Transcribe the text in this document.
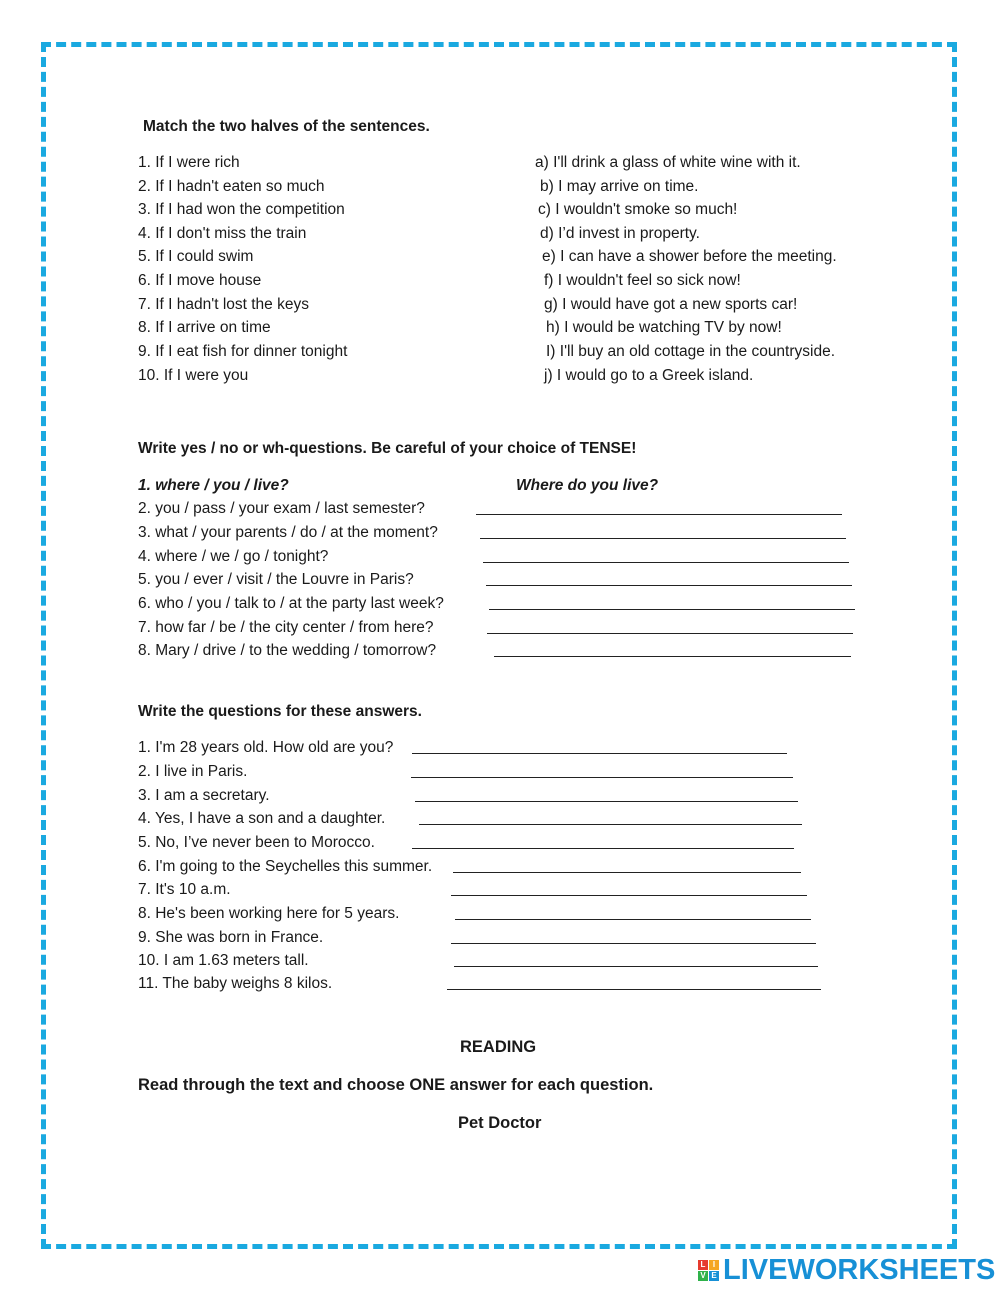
Match the two halves of the sentences.
1. If I were rich
2. If I hadn't eaten so much
3. If I had won the competition
4. If I don't miss the train
5. If I could swim
6. If I move house
7. If I hadn't lost the keys
8. If I arrive on time
9. If I eat fish for dinner tonight
10. If I were you
a) I'll drink a glass of white wine with it.
b) I may arrive on time.
c) I wouldn't smoke so much!
d) I’d invest in property.
e) I can have a shower before the meeting.
f) I wouldn't feel so sick now!
g) I would have got a new sports car!
h) I would be watching TV by now!
I) I'll buy an old cottage in the countryside.
j) I would go to a Greek island.
Write yes / no or wh-questions. Be careful of your choice of TENSE!
1. where / you / live?	Where do you live?
2. you / pass / your exam / last semester?
3. what / your parents / do / at the moment?
4. where / we / go / tonight?
5. you / ever / visit / the Louvre in Paris?
6. who / you / talk to / at the party last week?
7. how far / be / the city center / from here?
8. Mary / drive / to the wedding / tomorrow?
Write the questions for these answers.
1. I'm 28 years old. How old are you?
2. I live in Paris.
3. I am a secretary.
4. Yes, I have a son and a daughter.
5. No, I’ve never been to Morocco.
6. I'm going to the Seychelles this summer.
7. It's 10 a.m.
8. He's been working here for 5 years.
9. She was born in France.
10. I am 1.63 meters tall.
11. The baby weighs 8 kilos.
READING
Read through the text and choose ONE answer for each question.
Pet Doctor
L I
V E LIVEWORKSHEETS
